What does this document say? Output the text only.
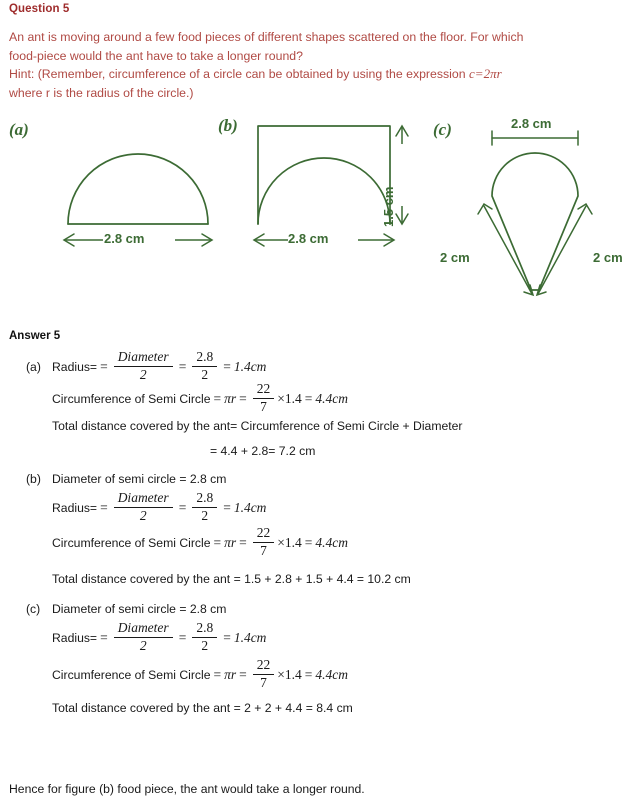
Question 5
An ant is moving around a few food pieces of different shapes scattered on the floor. For which
food-piece would the ant have to take a longer round?
Hint: (Remember, circumference of a circle can be obtained by using the expression c=2πr
where r is the radius of the circle.)
(a)
2.8 cm
(b)
2.8 cm
1.5 cm
(c)	2.8 cm
2 cm	2 cm
Answer 5
(a) Radius= = $\frac{\text{Diameter}}{2} = \frac{2.8}{2} = 1.4cm$
Circumference of Semi Circle = $\pi r = \frac{22}{7} \times 1.4 = 4.4cm$
Total distance covered by the ant= Circumference of Semi Circle + Diameter
= 4.4 + 2.8= 7.2 cm
(b) Diameter of semi circle = 2.8 cm
Radius= = $\frac{\text{Diameter}}{2} = \frac{2.8}{2} = 1.4cm$
Circumference of Semi Circle = $\pi r = \frac{22}{7} \times 1.4 = 4.4cm$
Total distance covered by the ant = 1.5 + 2.8 + 1.5 + 4.4 = 10.2 cm
(c) Diameter of semi circle = 2.8 cm
Radius= = $\frac{\text{Diameter}}{2} = \frac{2.8}{2} = 1.4cm$
Circumference of Semi Circle = $\pi r = \frac{22}{7} \times 1.4 = 4.4cm$
Total distance covered by the ant = 2 + 2 + 4.4 = 8.4 cm
Hence for figure (b) food piece, the ant would take a longer round.
